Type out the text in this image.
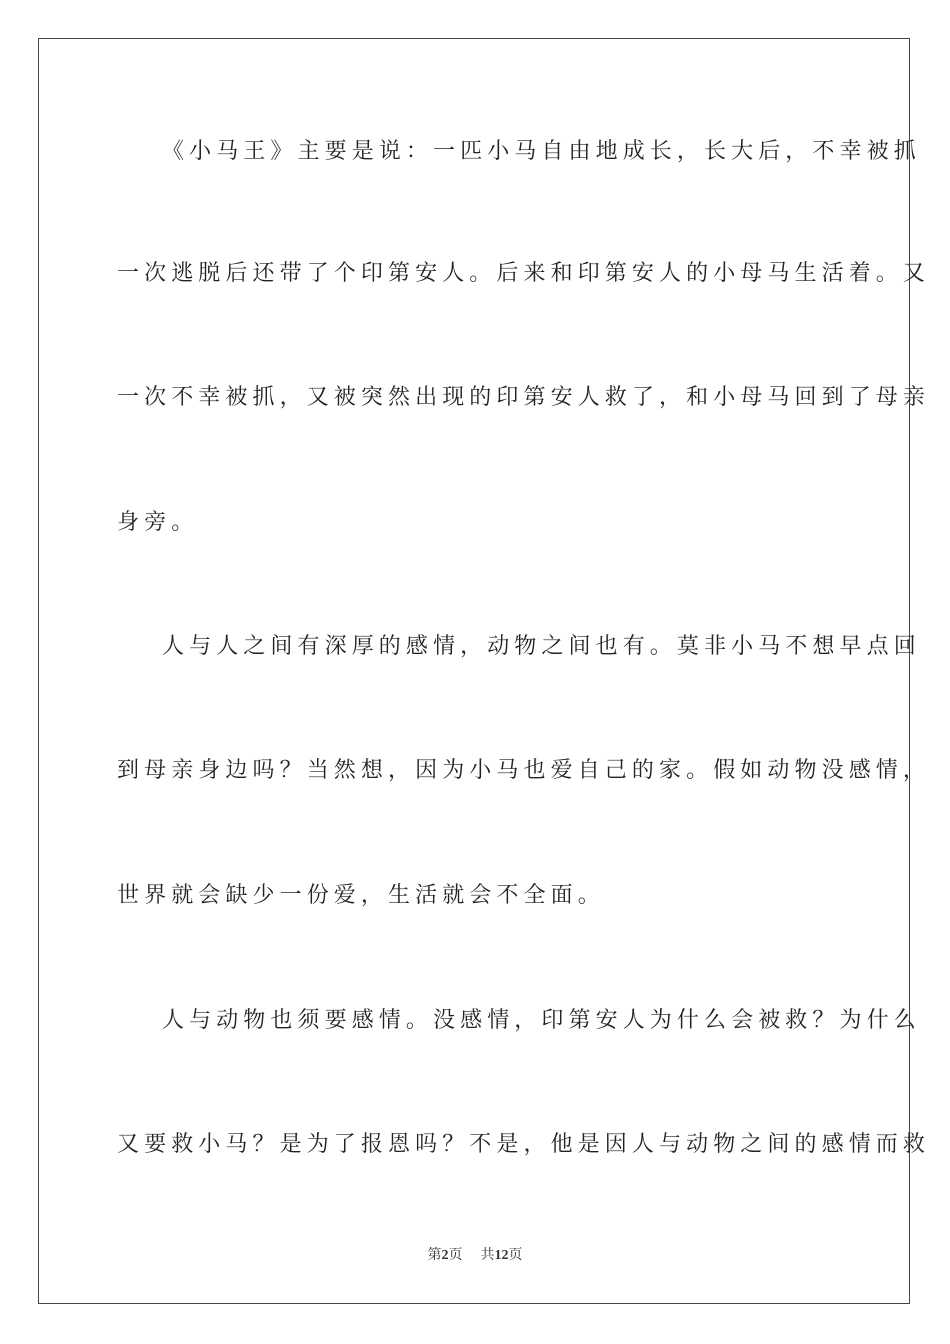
《小马王》主要是说：一匹小马自由地成长，长大后，不幸被抓
一次逃脱后还带了个印第安人。后来和印第安人的小母马生活着。又
一次不幸被抓，又被突然出现的印第安人救了，和小母马回到了母亲
身旁。
人与人之间有深厚的感情，动物之间也有。莫非小马不想早点回
到母亲身边吗？当然想，因为小马也爱自己的家。假如动物没感情，
世界就会缺少一份爱，生活就会不全面。
人与动物也须要感情。没感情，印第安人为什么会被救？为什么
又要救小马？是为了报恩吗？不是，他是因人与动物之间的感情而救
第2页 共12页
